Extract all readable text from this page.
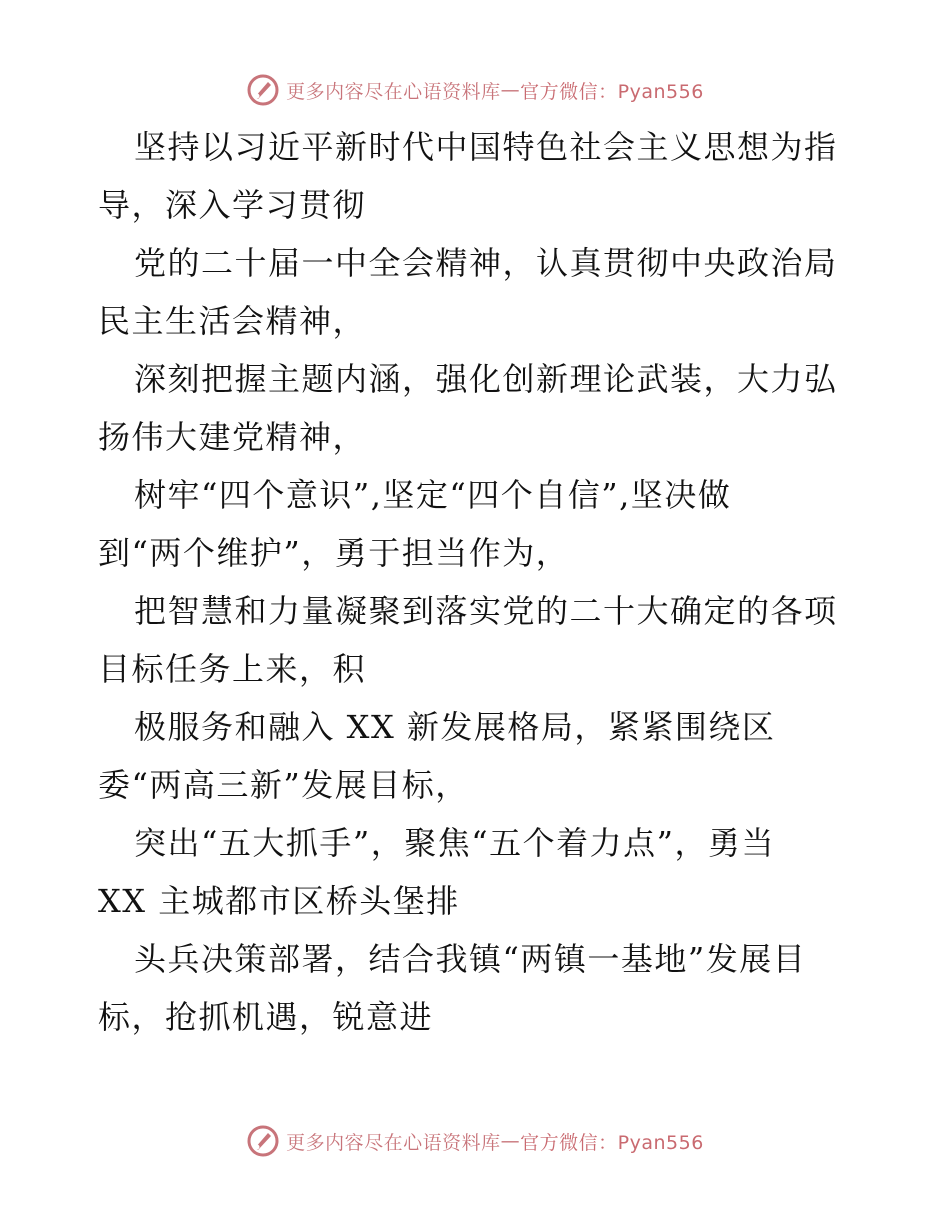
更多内容尽在心语资料库 — 官方微信：Pyan556

坚持以习近平新时代中国特色社会主义思想为指

导，深入学习贯彻

党的二十届一中全会精神，认真贯彻中央政治局

民主生活会精神，

深刻把握主题内涵，强化创新理论武装，大力弘

扬伟大建党精神，

树牢“四个意识”,坚定“四个自信”,坚决做

到“两个维护”，勇于担当作为，

把智慧和力量凝聚到落实党的二十大确定的各项

目标任务上来，积

极服务和融入 XX 新发展格局，紧紧围绕区

委“两高三新”发展目标，

突出“五大抓手”，聚焦“五个着力点”，勇当

XX 主城都市区桥头堡排

头兵决策部署，结合我镇“两镇一基地”发展目

标，抢抓机遇，锐意进

更多内容尽在心语资料库 — 官方微信：Pyan556
